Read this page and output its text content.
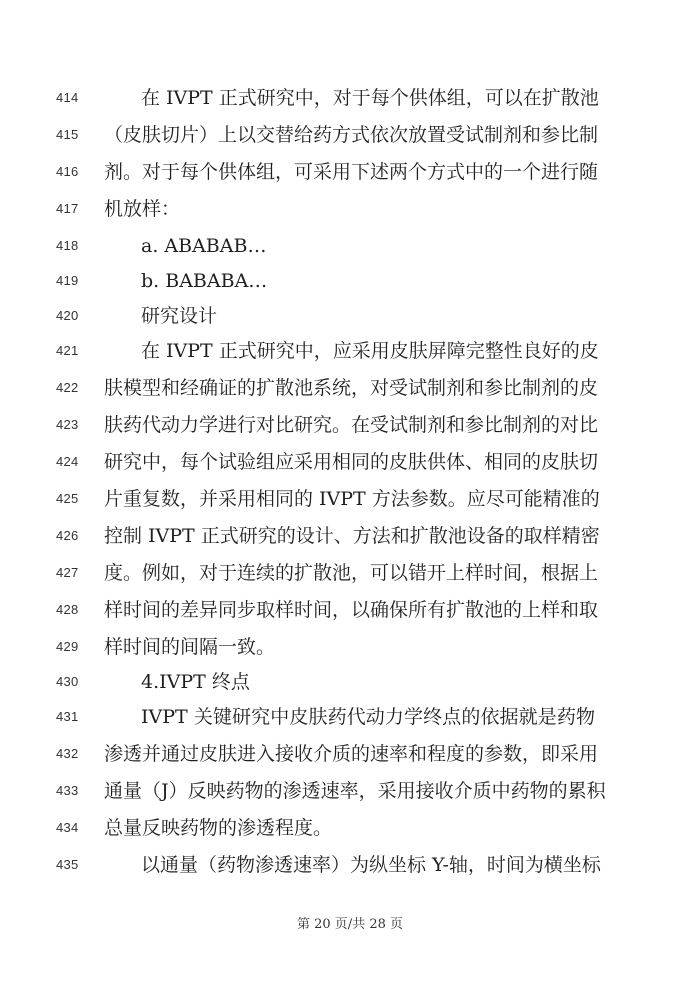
414	在 IVPT 正式研究中，对于每个供体组，可以在扩散池
415 （皮肤切片）上以交替给药方式依次放置受试制剂和参比制
416 剂。对于每个供体组，可采用下述两个方式中的一个进行随
417 机放样：
418	a. ABABAB…
419	b. BABABA…
420	研究设计
421	在 IVPT 正式研究中，应采用皮肤屏障完整性良好的皮
422 肤模型和经确证的扩散池系统，对受试制剂和参比制剂的皮
423 肤药代动力学进行对比研究。在受试制剂和参比制剂的对比
424 研究中，每个试验组应采用相同的皮肤供体、相同的皮肤切
425 片重复数，并采用相同的 IVPT 方法参数。应尽可能精准的
426 控制 IVPT 正式研究的设计、方法和扩散池设备的取样精密
427 度。例如，对于连续的扩散池，可以错开上样时间，根据上
428 样时间的差异同步取样时间，以确保所有扩散池的上样和取
429 样时间的间隔一致。
430	4.IVPT 终点
431	IVPT 关键研究中皮肤药代动力学终点的依据就是药物
432 渗透并通过皮肤进入接收介质的速率和程度的参数，即采用
433 通量（J）反映药物的渗透速率，采用接收介质中药物的累积
434 总量反映药物的渗透程度。
435	以通量（药物渗透速率）为纵坐标 Y-轴，时间为横坐标
第 20 页/共 28 页
